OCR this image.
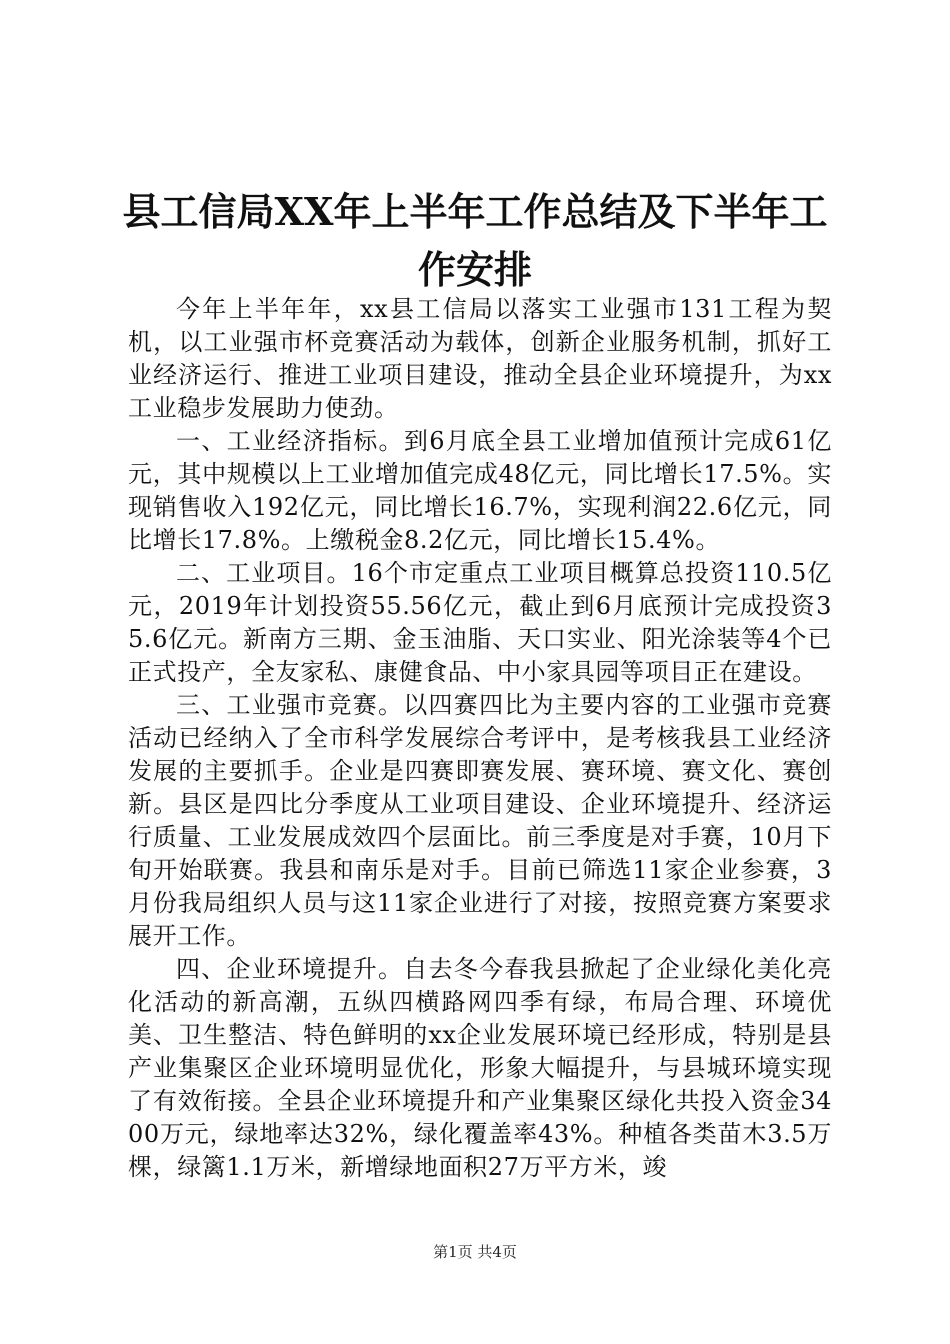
县工信局XX年上半年工作总结及下半年工作安排

今年上半年年，xx县工信局以落实工业强市131工程为契机，以工业强市杯竞赛活动为载体，创新企业服务机制，抓好工业经济运行、推进工业项目建设，推动全县企业环境提升，为xx工业稳步发展助力使劲。

一、工业经济指标。到6月底全县工业增加值预计完成61亿元，其中规模以上工业增加值完成48亿元，同比增长17.5%。实现销售收入192亿元，同比增长16.7%，实现利润22.6亿元，同比增长17.8%。上缴税金8.2亿元，同比增长15.4%。

二、工业项目。16个市定重点工业项目概算总投资110.5亿元，2019年计划投资55.56亿元，截止到6月底预计完成投资35.6亿元。新南方三期、金玉油脂、天口实业、阳光涂装等4个已正式投产，全友家私、康健食品、中小家具园等项目正在建设。

三、工业强市竞赛。以四赛四比为主要内容的工业强市竞赛活动已经纳入了全市科学发展综合考评中，是考核我县工业经济发展的主要抓手。企业是四赛即赛发展、赛环境、赛文化、赛创新。县区是四比分季度从工业项目建设、企业环境提升、经济运行质量、工业发展成效四个层面比。前三季度是对手赛，10月下旬开始联赛。我县和南乐是对手。目前已筛选11家企业参赛，3月份我局组织人员与这11家企业进行了对接，按照竞赛方案要求展开工作。

四、企业环境提升。自去冬今春我县掀起了企业绿化美化亮化活动的新高潮，五纵四横路网四季有绿，布局合理、环境优美、卫生整洁、特色鲜明的xx企业发展环境已经形成，特别是县产业集聚区企业环境明显优化，形象大幅提升，与县城环境实现了有效衔接。全县企业环境提升和产业集聚区绿化共投入资金3400万元，绿地率达32%，绿化覆盖率43%。种植各类苗木3.5万棵，绿篱1.1万米，新增绿地面积27万平方米，竣

第1页 共4页
